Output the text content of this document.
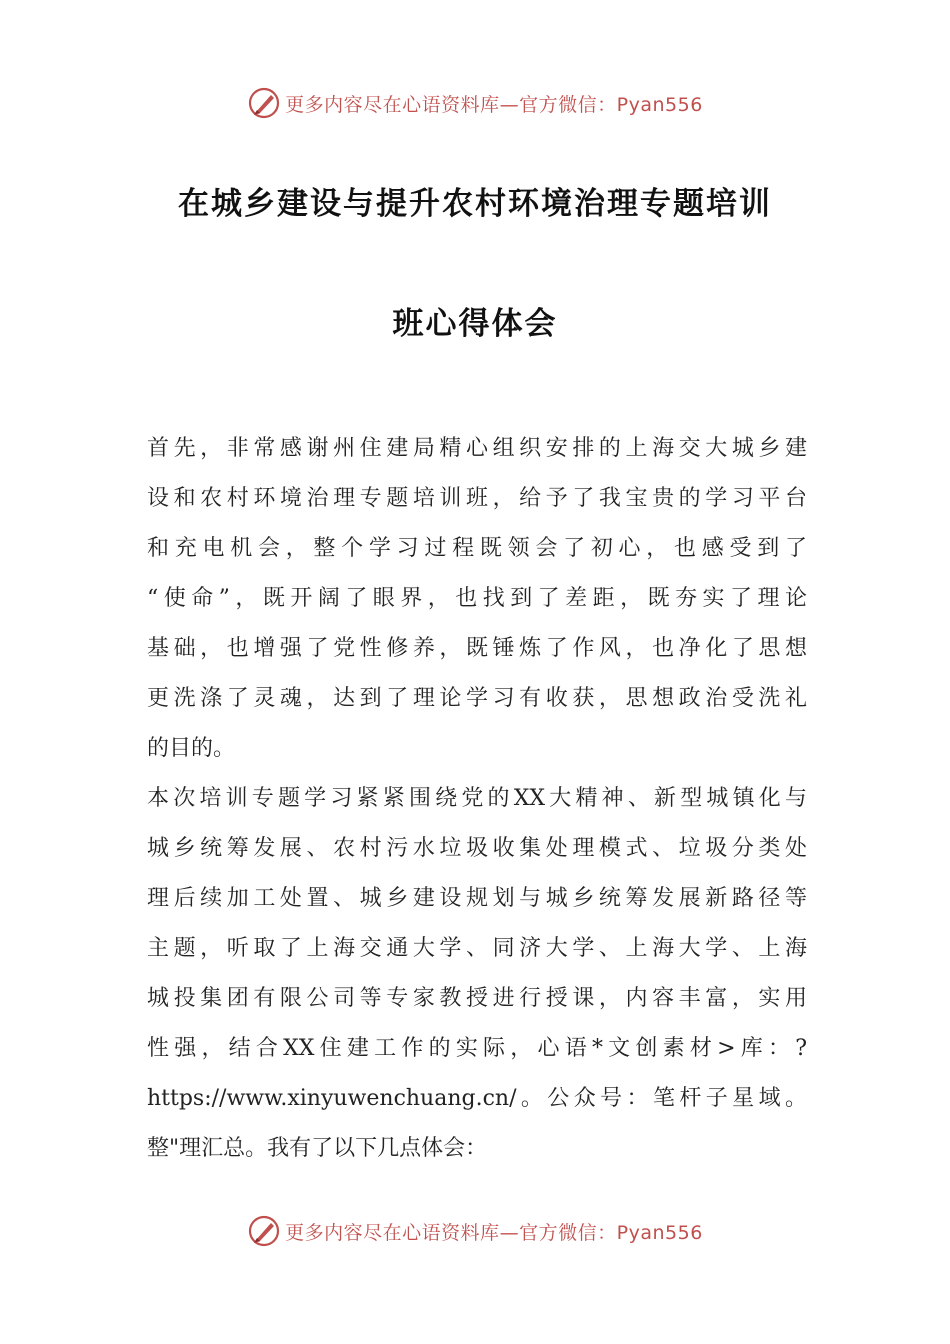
更多内容尽在心语资料库—官方微信：Pyan556
在城乡建设与提升农村环境治理专题培训
班心得体会
首先，非常感谢州住建局精心组织安排的上海交大城乡建
设和农村环境治理专题培训班，给予了我宝贵的学习平台
和充电机会，整个学习过程既领会了初心，也感受到了
“使命”，既开阔了眼界，也找到了差距，既夯实了理论
基础，也增强了党性修养，既锤炼了作风，也净化了思想
更洗涤了灵魂，达到了理论学习有收获，思想政治受洗礼
的目的。
本次培训专题学习紧紧围绕党的XX大精神、新型城镇化与
城乡统筹发展、农村污水垃圾收集处理模式、垃圾分类处
理后续加工处置、城乡建设规划与城乡统筹发展新路径等
主题，听取了上海交通大学、同济大学、上海大学、上海
城投集团有限公司等专家教授进行授课，内容丰富，实用
性强，结合XX住建工作的实际，心语*文创素材>库：?
https://www.xinyuwenchuang.cn/。公众号：笔杆子星域。
整"理汇总。我有了以下几点体会：
更多内容尽在心语资料库—官方微信：Pyan556
